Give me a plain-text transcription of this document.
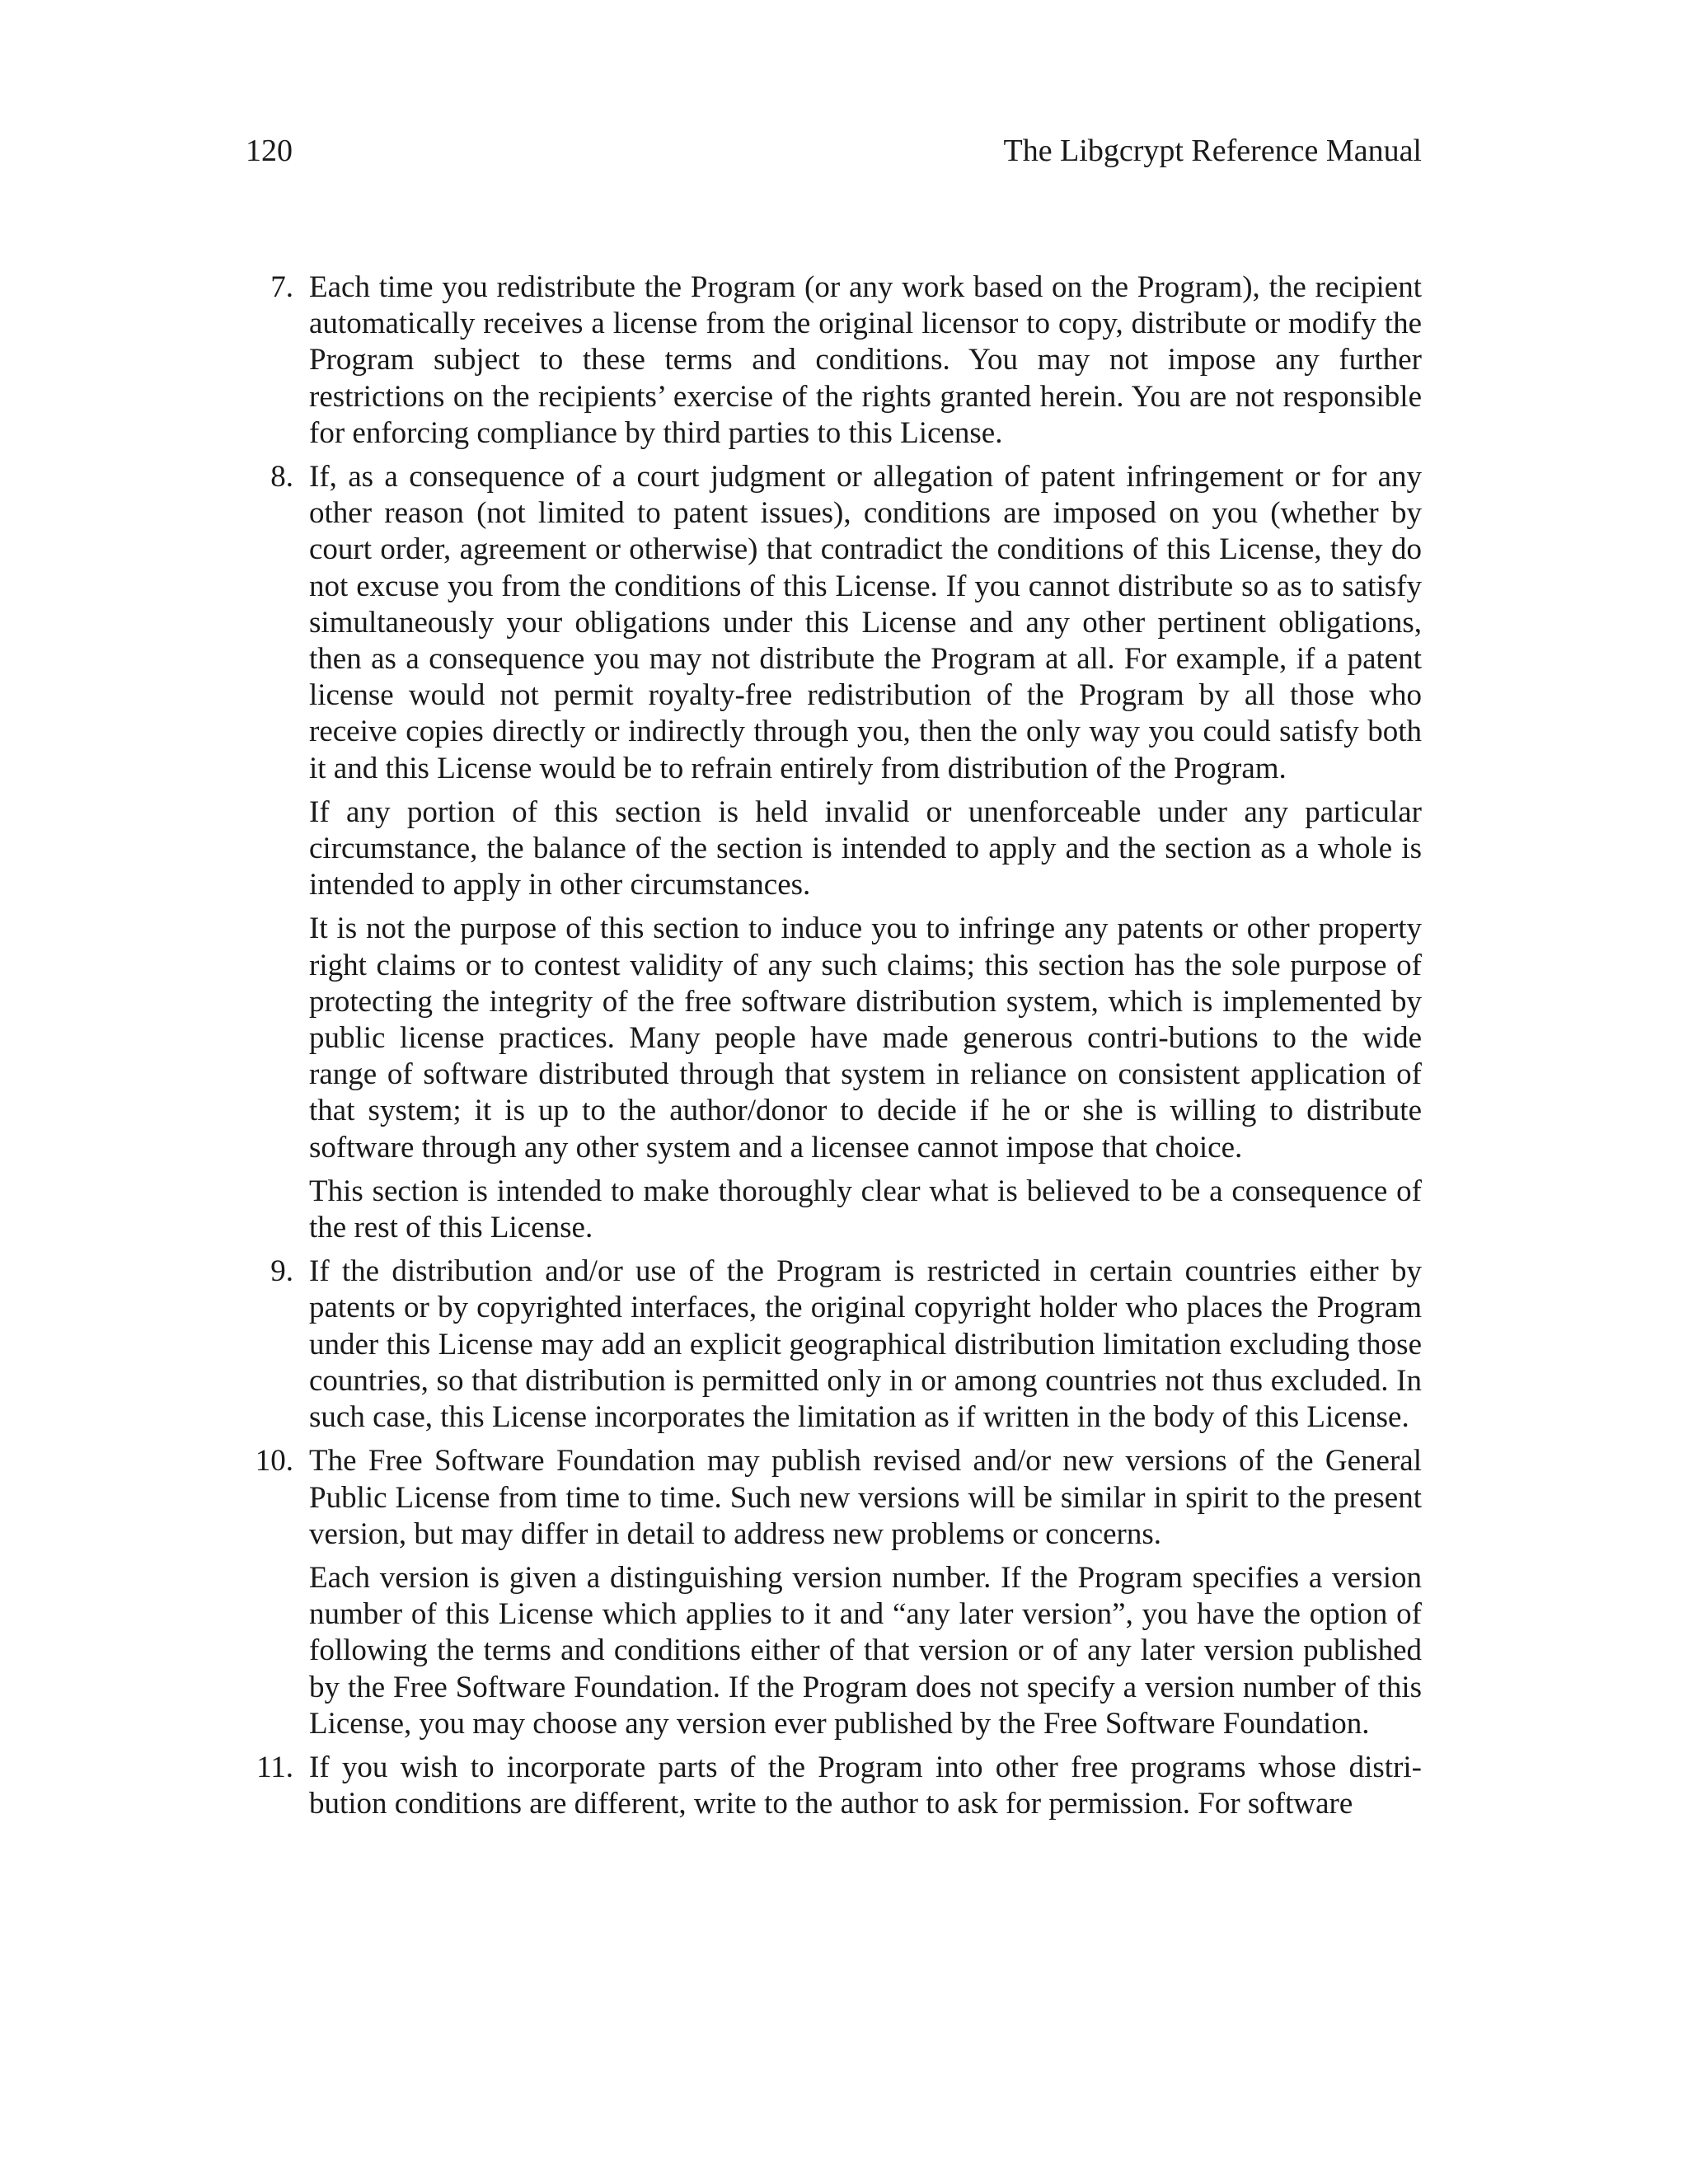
120	The Libgcrypt Reference Manual
7. Each time you redistribute the Program (or any work based on the Program), the recipient automatically receives a license from the original licensor to copy, distribute or modify the Program subject to these terms and conditions. You may not impose any further restrictions on the recipients’ exercise of the rights granted herein. You are not responsible for enforcing compliance by third parties to this License.

8. If, as a consequence of a court judgment or allegation of patent infringement or for any other reason (not limited to patent issues), conditions are imposed on you (whether by court order, agreement or otherwise) that contradict the conditions of this License, they do not excuse you from the conditions of this License. If you cannot distribute so as to satisfy simultaneously your obligations under this License and any other pertinent obligations, then as a consequence you may not distribute the Program at all. For example, if a patent license would not permit royalty-free redistribution of the Program by all those who receive copies directly or indirectly through you, then the only way you could satisfy both it and this License would be to refrain entirely from distribution of the Program.

If any portion of this section is held invalid or unenforceable under any particular circumstance, the balance of the section is intended to apply and the section as a whole is intended to apply in other circumstances.

It is not the purpose of this section to induce you to infringe any patents or other property right claims or to contest validity of any such claims; this section has the sole purpose of protecting the integrity of the free software distribution system, which is implemented by public license practices. Many people have made generous contri-butions to the wide range of software distributed through that system in reliance on consistent application of that system; it is up to the author/donor to decide if he or she is willing to distribute software through any other system and a licensee cannot impose that choice.

This section is intended to make thoroughly clear what is believed to be a consequence of the rest of this License.

9. If the distribution and/or use of the Program is restricted in certain countries either by patents or by copyrighted interfaces, the original copyright holder who places the Program under this License may add an explicit geographical distribution limitation excluding those countries, so that distribution is permitted only in or among countries not thus excluded. In such case, this License incorporates the limitation as if written in the body of this License.

10. The Free Software Foundation may publish revised and/or new versions of the General Public License from time to time. Such new versions will be similar in spirit to the present version, but may differ in detail to address new problems or concerns.

Each version is given a distinguishing version number. If the Program specifies a version number of this License which applies to it and “any later version”, you have the option of following the terms and conditions either of that version or of any later version published by the Free Software Foundation. If the Program does not specify a version number of this License, you may choose any version ever published by the Free Software Foundation.

11. If you wish to incorporate parts of the Program into other free programs whose distri-bution conditions are different, write to the author to ask for permission. For software
